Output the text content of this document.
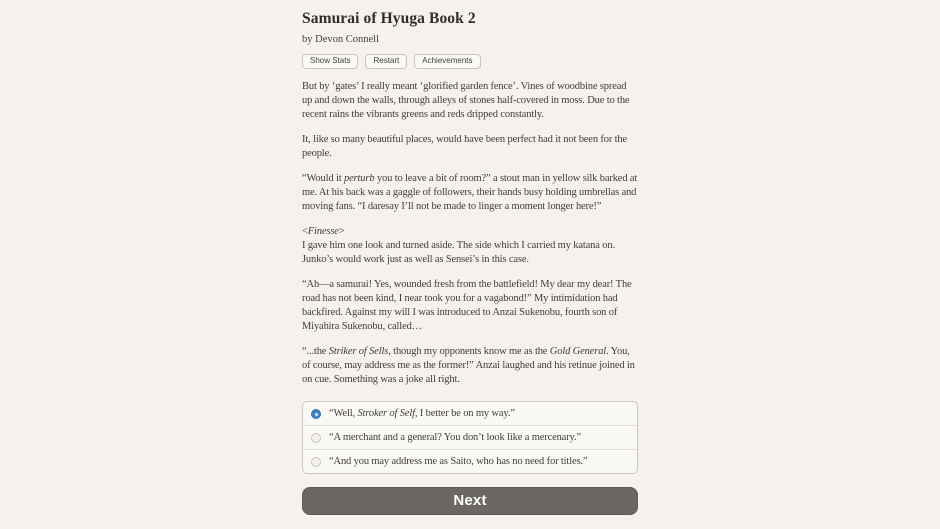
Samurai of Hyuga Book 2
by Devon Connell
Show Stats	Restart	Achievements

But by ‘gates’ I really meant ‘glorified garden fence’. Vines of woodbine spread up and down the walls, through alleys of stones half-covered in moss. Due to the recent rains the vibrants greens and reds dripped constantly.

It, like so many beautiful places, would have been perfect had it not been for the people.

“Would it perturb you to leave a bit of room?” a stout man in yellow silk barked at me. At his back was a gaggle of followers, their hands busy holding umbrellas and moving fans. “I daresay I’ll not be made to linger a moment longer here!”

<Finesse>
I gave him one look and turned aside. The side which I carried my katana on. Junko’s would work just as well as Sensei’s in this case.

“Ah—a samurai! Yes, wounded fresh from the battlefield! My dear my dear! The road has not been kind, I near took you for a vagabond!” My intimidation had backfired. Against my will I was introduced to Anzai Sukenobu, fourth son of Miyahira Sukenobu, called…

“...the Striker of Sells, though my opponents know me as the Gold General. You, of course, may address me as the former!” Anzai laughed and his retinue joined in on cue. Something was a joke all right.

“Well, Stroker of Self, I better be on my way.”
“A merchant and a general? You don’t look like a mercenary.”
“And you may address me as Saito, who has no need for titles.”
Next
